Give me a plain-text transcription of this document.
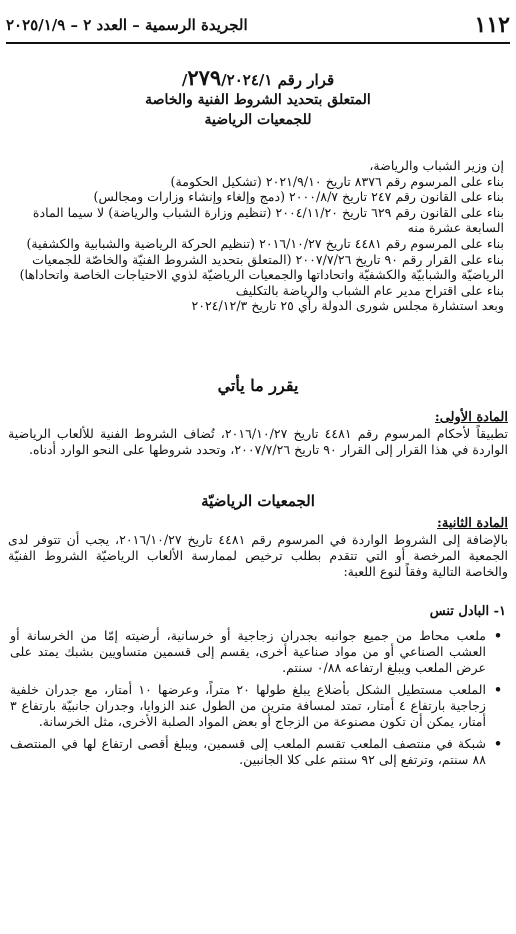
١١٢
الجريدة الرسمية – العدد ٢ – ٢٠٢٥/١/٩
قرار رقم ٢٧٩/٢٠٢٤/١/
المتعلق بتحديد الشروط الفنية والخاصة
للجمعيات الرياضية

إن وزير الشباب والرياضة،

بناء على المرسوم رقم ٨٣٧٦ تاريخ ٢٠٢١/٩/١٠ (تشكيل الحكومة)

بناء على القانون رقم ٢٤٧ تاريخ ٢٠٠٠/٨/٧ (دمج وإلغاء وإنشاء وزارات ومجالس)

بناء على القانون رقم ٦٢٩ تاريخ ٢٠٠٤/١١/٢٠ (تنظيم وزارة الشباب والرياضة) لا سيما المادة السابعة عشرة منه

بناء على المرسوم رقم ٤٤٨١ تاريخ ٢٠١٦/١٠/٢٧ (تنظيم الحركة الرياضية والشبابية والكشفية)

بناء على القرار رقم ٩٠ تاريخ ٢٠٠٧/٧/٢٦ (المتعلق بتحديد الشروط الفنيّة والخاصّة للجمعيات الرياضيّة والشبابيّة والكشفيّة واتحاداتها والجمعيات الرياضيّة لذوي الاحتياجات الخاصة واتحاداها)

بناء على اقتراح مدير عام الشباب والرياضة بالتكليف

وبعد استشارة مجلس شورى الدولة رأي ٢٥ تاريخ ٢٠٢٤/١٢/٣

يقرر ما يأتي

المادة الأولى:

تطبيقاً لأحكام المرسوم رقم ٤٤٨١ تاريخ ٢٠١٦/١٠/٢٧، تُضاف الشروط الفنية للألعاب الرياضية الواردة في هذا القرار إلى القرار ٩٠ تاريخ ٢٠٠٧/٧/٢٦، وتحدد شروطها على النحو الوارد أدناه.

الجمعيات الرياضيّة

المادة الثانية:

بالإضافة إلى الشروط الواردة في المرسوم رقم ٤٤٨١ تاريخ ٢٠١٦/١٠/٢٧، يجب أن تتوفر لدى الجمعية المرخصة أو التي تتقدم بطلب ترخيص لممارسة الألعاب الرياضيّة الشروط الفنيّة والخاصة التالية وفقاً لنوع اللعبة:

١- البادل تنس
•
ملعب محاط من جميع جوانبه بجدران زجاجية أو خرسانية، أرضيته إمّا من الخرسانة أو العشب الصناعي أو من مواد صناعية أخرى، يقسم إلى قسمين متساويين بشبك يمتد على عرض الملعب ويبلغ ارتفاعه ٠/٨٨ سنتم.
•
الملعب مستطيل الشكل بأضلاع يبلغ طولها ٢٠ متراً، وعرضها ١٠ أمتار، مع جدران خلفية زجاجية بارتفاع ٤ أمتار، تمتد لمسافة مترين من الطول عند الزوايا، وجدران جانبيّة بارتفاع ٣ أمتار، يمكن أن تكون مصنوعة من الزجاج أو بعض المواد الصلبة الأخرى، مثل الخرسانة.
•
شبكة في منتصف الملعب تقسم الملعب إلى قسمين، ويبلغ أقصى ارتفاع لها في المنتصف ٨٨ سنتم، وترتفع إلى ٩٢ سنتم على كلا الجانبين.
